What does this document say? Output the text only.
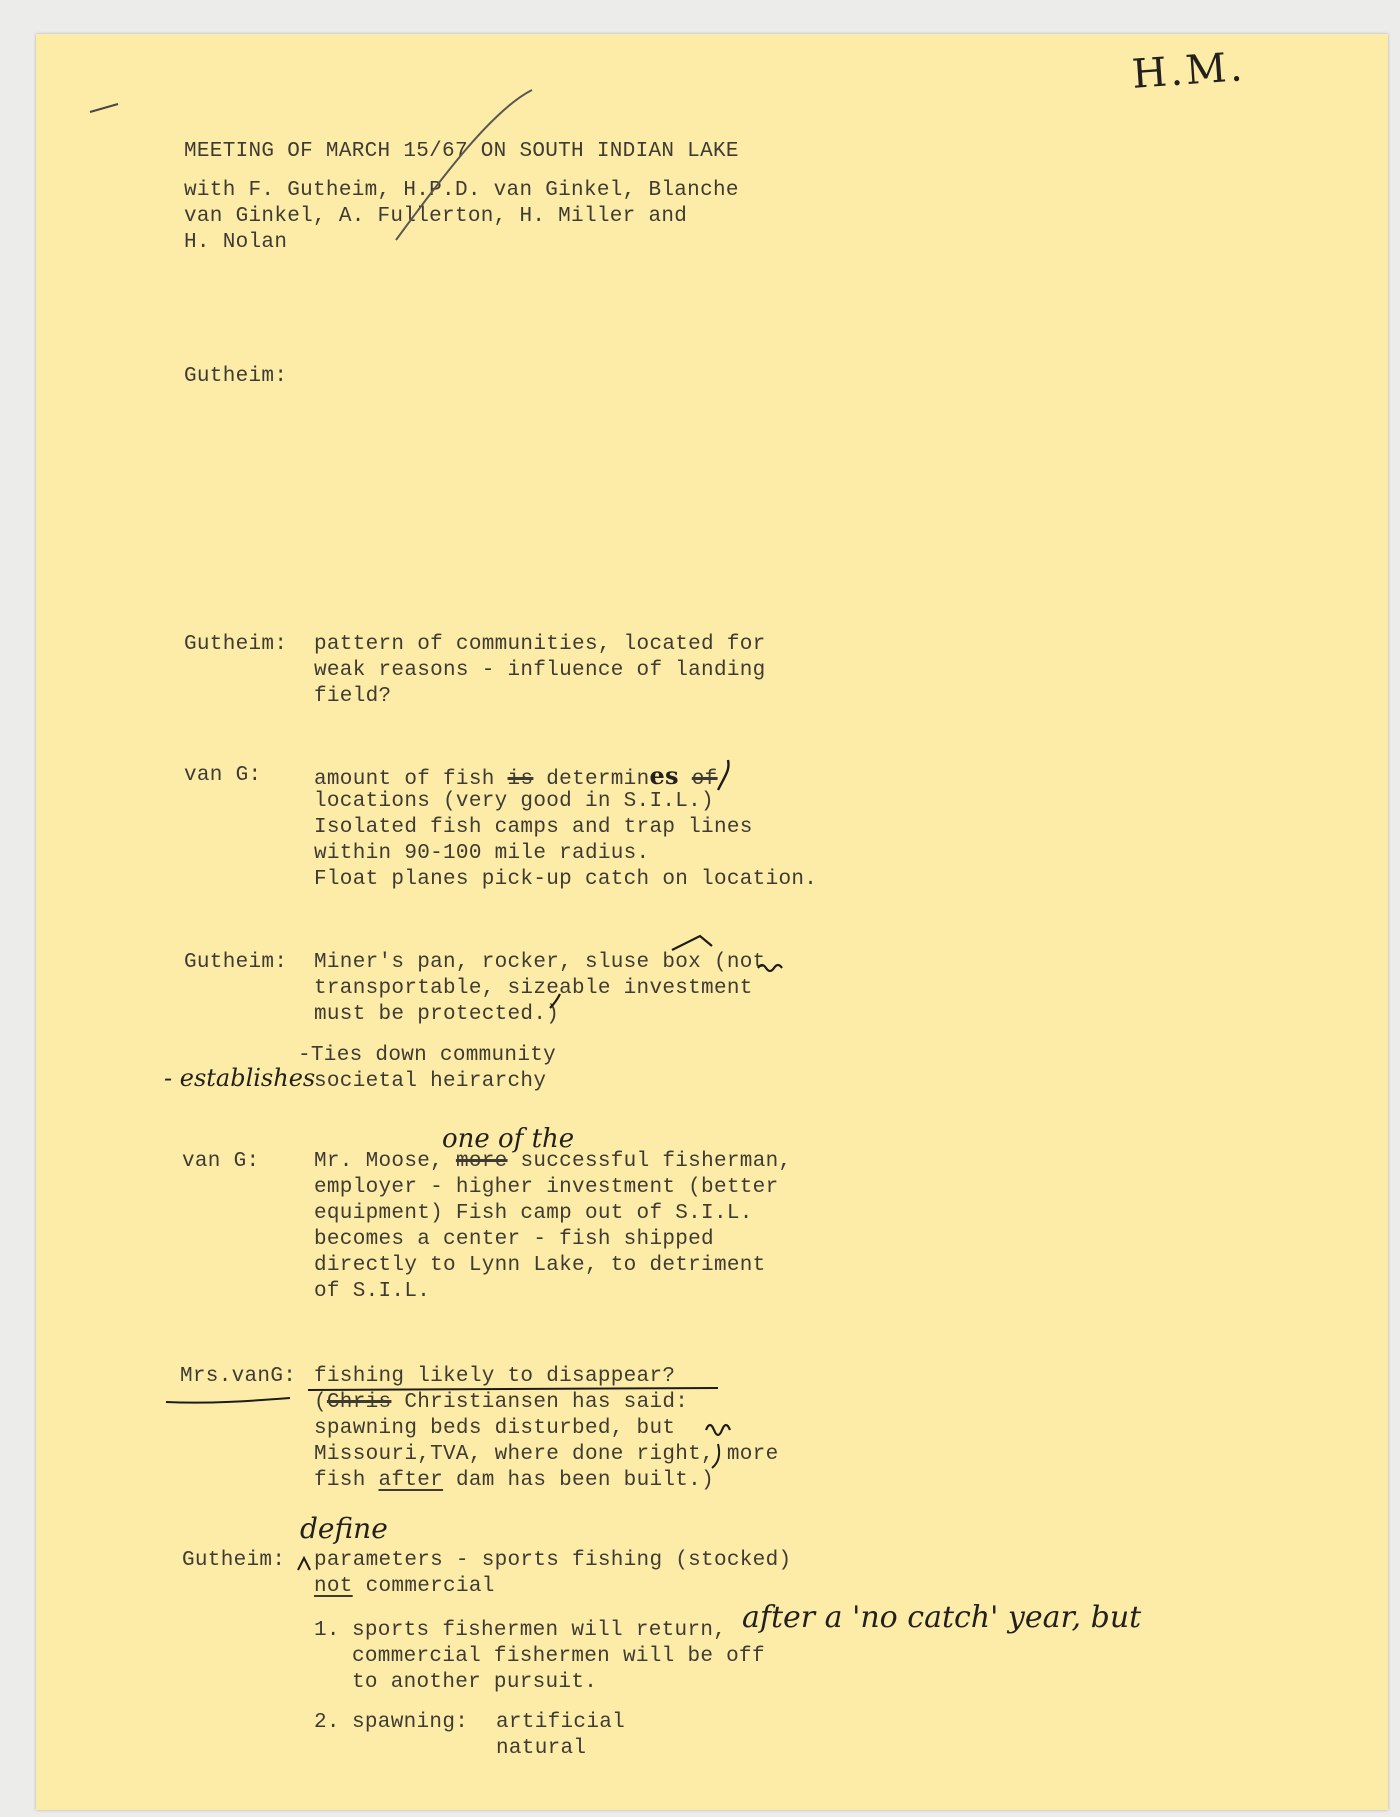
H.M.
MEETING OF MARCH 15/67 ON SOUTH INDIAN LAKE
with F. Gutheim, H.P.D. van Ginkel, Blanche
van Ginkel, A. Fullerton, H. Miller and
H. Nolan
Gutheim:
Gutheim: pattern of communities, located for
weak reasons - influence of landing
field?
van G:	amount of fish is determines of
locations (very good in S.I.L.)
Isolated fish camps and trap lines
within 90-100 mile radius.
Float planes pick-up catch on location.
Gutheim: Miner's pan, rocker, sluse box (not
transportable, sizeable investment
must be protected.)
-Ties down community
societal heirarchy
- establishes
one of the
van G:	Mr. Moose, more successful fisherman,
employer - higher investment (better
equipment) Fish camp out of S.I.L.
becomes a center - fish shipped
directly to Lynn Lake, to detriment
of S.I.L.
Mrs.vanG: fishing likely to disappear?
(Chris Christiansen has said:
spawning beds disturbed, but
Missouri,TVA, where done right, more
fish after dam has been built.)
define
Gutheim: parameters - sports fishing (stocked)
not commercial
1. sports fishermen will return,
commercial fishermen will be off
to another pursuit.
after a 'no catch' year, but
2. spawning: artificial
natural
